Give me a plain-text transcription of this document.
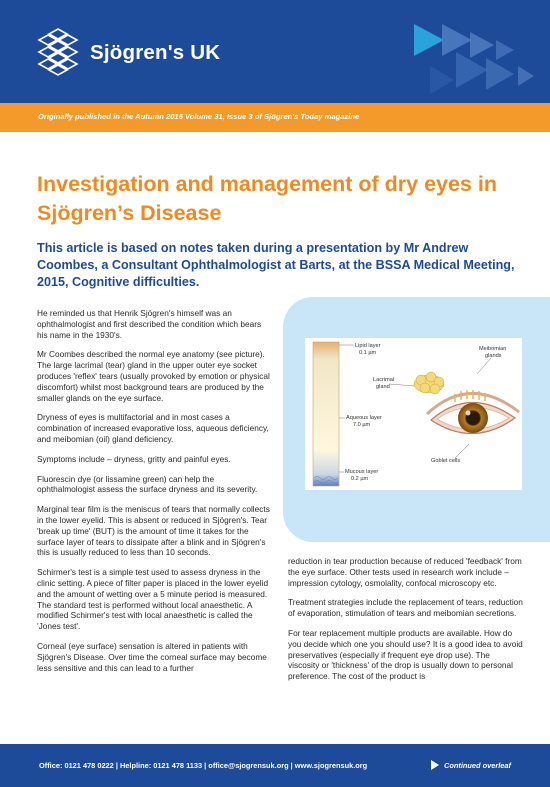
Sjögren's UK
Originally published in the Autumn 2016 Volume 31, Issue 3 of Sjögren's Today magazine
Investigation and management of dry eyes in Sjögren’s Disease

This article is based on notes taken during a presentation by Mr Andrew Coombes, a Consultant Ophthalmologist at Barts, at the BSSA Medical Meeting, 2015, Cognitive difficulties.

He reminded us that Henrik Sjögren's himself was an ophthalmologist and first described the condition which bears his name in the 1930's.

Mr Coombes described the normal eye anatomy (see picture). The large lacrimal (tear) gland in the upper outer eye socket produces 'reflex' tears (usually provoked by emotion or physical discomfort) whilst most background tears are produced by the smaller glands on the eye surface.

Dryness of eyes is multifactorial and in most cases a combination of increased evaporative loss, aqueous deficiency, and meibomian (oil) gland deficiency.

Symptoms include – dryness, gritty and painful eyes.

Fluorescin dye (or lissamine green) can help the ophthalmologist assess the surface dryness and its severity.

Marginal tear film is the meniscus of tears that normally collects in the lower eyelid. This is absent or reduced in Sjögren's. Tear 'break up time' (BUT) is the amount of time it takes for the surface layer of tears to dissipate after a blink and in Sjögren's this is usually reduced to less than 10 seconds.

Schirmer's test is a simple test used to assess dryness in the clinic setting. A piece of filter paper is placed in the lower eyelid and the amount of wetting over a 5 minute period is measured. The standard test is performed without local anaesthetic. A modified Schirmer's test with local anaesthetic is called the 'Jones test'.

Corneal (eye surface) sensation is altered in patients with Sjögren's Disease. Over time the corneal surface may become less sensitive and this can lead to a further

Lipid layer
0.1 µm
Lacrimal
gland
Aqueous layer
7.0 µm
Meibomian
glands
Goblet cells
Mucous layer
0.2 µm

reduction in tear production because of reduced 'feedback' from the eye surface. Other tests used in research work include – impression cytology, osmolality, confocal microscopy etc.

Treatment strategies include the replacement of tears, reduction of evaporation, stimulation of tears and meibomian secretions.

For tear replacement multiple products are available. How do you decide which one you should use? It is a good idea to avoid preservatives (especially if frequent eye drop use). The viscosity or 'thickness' of the drop is usually down to personal preference. The cost of the product is

Office: 0121 478 0222 | Helpline: 0121 478 1133 | office@sjogrensuk.org | www.sjogrensuk.org	Continued overleaf
